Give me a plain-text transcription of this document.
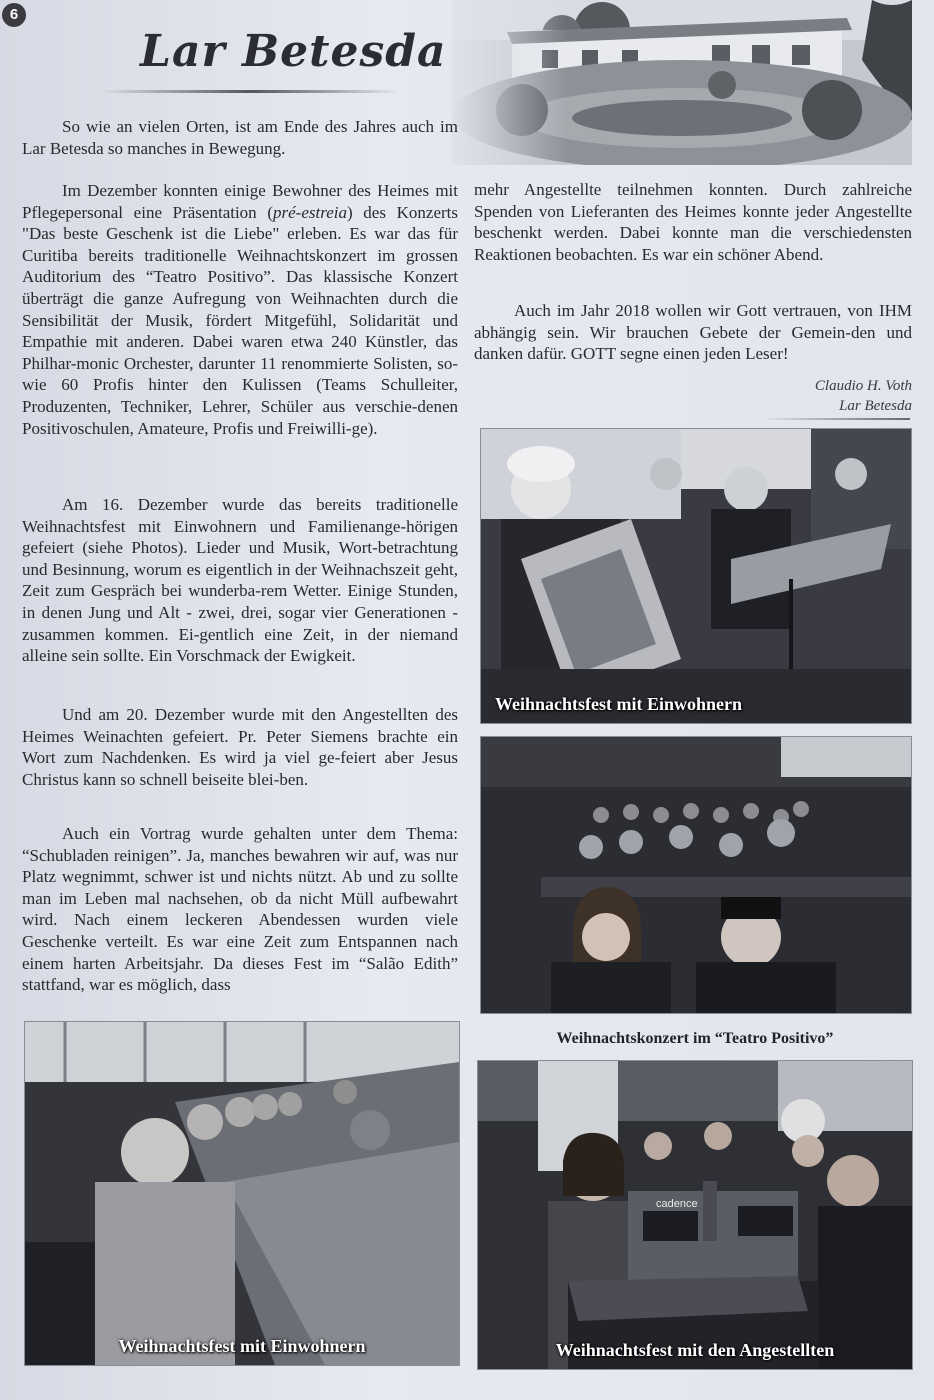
6
Lar Betesda

So wie an vielen Orten, ist am Ende des Jahres auch im Lar Betesda so manches in Bewegung.

Im Dezember konnten einige Bewohner des Heimes mit Pflegepersonal eine Präsentation (pré-estreia) des Konzerts "Das beste Geschenk ist die Liebe" erleben. Es war das für Curitiba bereits traditionelle Weihnachtskonzert im grossen Auditorium des “Teatro Positivo”. Das klassische Konzert überträgt die ganze Aufregung von Weihnachten durch die Sensibilität der Musik, fördert Mitgefühl, Solidarität und Empathie mit anderen. Dabei waren etwa 240 Künstler, das Philhar-monic Orchester, darunter 11 renommierte Solisten, so-wie 60 Profis hinter den Kulissen (Teams Schulleiter, Produzenten, Techniker, Lehrer, Schüler aus verschie-denen Positivoschulen, Amateure, Profis und Freiwilli-ge).

Am 16. Dezember wurde das bereits traditionelle Weihnachtsfest mit Einwohnern und Familienange-hörigen gefeiert (siehe Photos). Lieder und Musik, Wort-betrachtung und Besinnung, worum es eigentlich in der Weihnachszeit geht, Zeit zum Gespräch bei wunderba-rem Wetter. Einige Stunden, in denen Jung und Alt - zwei, drei, sogar vier Generationen - zusammen kommen. Ei-gentlich eine Zeit, in der niemand alleine sein sollte. Ein Vorschmack der Ewigkeit.

Und am 20. Dezember wurde mit den Angestellten des Heimes Weinachten gefeiert. Pr. Peter Siemens brachte ein Wort zum Nachdenken. Es wird ja viel ge-feiert aber Jesus Christus kann so schnell beiseite blei-ben.

Auch ein Vortrag wurde gehalten unter dem Thema: “Schubladen reinigen”. Ja, manches bewahren wir auf, was nur Platz wegnimmt, schwer ist und nichts nützt. Ab und zu sollte man im Leben mal nachsehen, ob da nicht Müll aufbewahrt wird. Nach einem leckeren Abendessen wurden viele Geschenke verteilt. Es war eine Zeit zum Entspannen nach einem harten Arbeitsjahr. Da dieses Fest im “Salão Edith” stattfand, war es möglich, dass

mehr Angestellte teilnehmen konnten. Durch zahlreiche Spenden von Lieferanten des Heimes konnte jeder Angestellte beschenkt werden. Dabei konnte man die verschiedensten Reaktionen beobachten. Es war ein schöner Abend.

Auch im Jahr 2018 wollen wir Gott vertrauen, von IHM abhängig sein. Wir brauchen Gebete der Gemein-den und danken dafür. GOTT segne einen jeden Leser!

Claudio H. Voth
Lar Betesda
Weihnachtsfest mit Einwohnern
Weihnachtskonzert im “Teatro Positivo”
Weihnachtsfest mit Einwohnern
cadence
Weihnachtsfest mit den Angestellten
